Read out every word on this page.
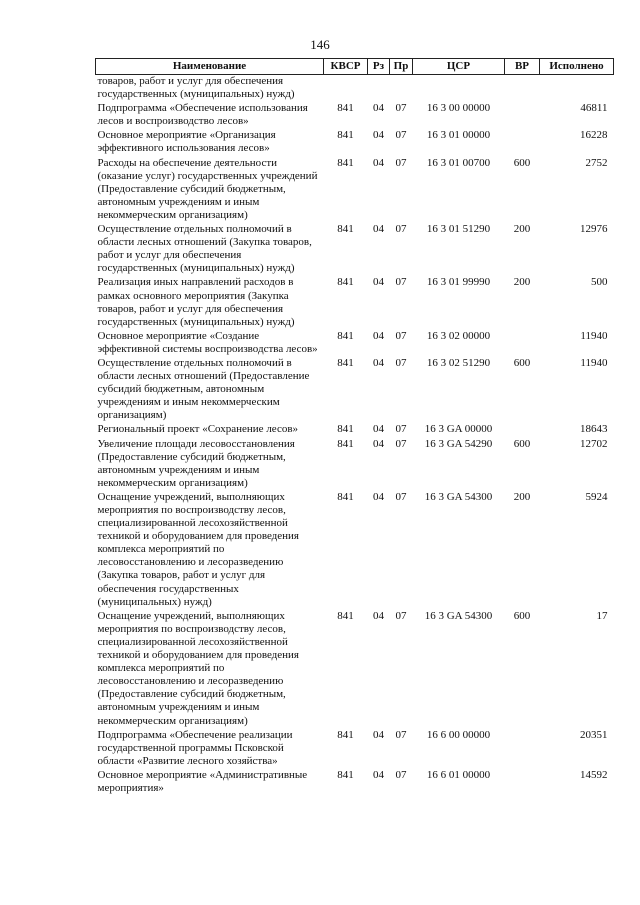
146
Наименование	КВСР	Рз	Пр	ЦСР	ВР	Исполнено
товаров, работ и услуг для обеспечения государственных (муниципальных) нужд)						
Подпрограмма «Обеспечение использования лесов и воспроизводство лесов»	841	04	07	16 3 00 00000		46811
Основное мероприятие «Организация эффективного использования лесов»	841	04	07	16 3 01 00000		16228
Расходы на обеспечение деятельности (оказание услуг) государственных учреждений (Предоставление субсидий бюджетным, автономным учреждениям и иным некоммерческим организациям)	841	04	07	16 3 01 00700	600	2752
Осуществление отдельных полномочий в области лесных отношений (Закупка товаров, работ и услуг для обеспечения государственных (муниципальных) нужд)	841	04	07	16 3 01 51290	200	12976
Реализация иных направлений расходов в рамках основного мероприятия (Закупка товаров, работ и услуг для обеспечения государственных (муниципальных) нужд)	841	04	07	16 3 01 99990	200	500
Основное мероприятие «Создание эффективной системы воспроизводства лесов»	841	04	07	16 3 02 00000		11940
Осуществление отдельных полномочий в области лесных отношений (Предоставление субсидий бюджетным, автономным учреждениям и иным некоммерческим организациям)	841	04	07	16 3 02 51290	600	11940
Региональный проект «Сохранение лесов»	841	04	07	16 3 GA 00000		18643
Увеличение площади лесовосстановления (Предоставление субсидий бюджетным, автономным учреждениям и иным некоммерческим организациям)	841	04	07	16 3 GA 54290	600	12702
Оснащение учреждений, выполняющих мероприятия по воспроизводству лесов, специализированной лесохозяйственной техникой и оборудованием для проведения комплекса мероприятий по лесовосстановлению и лесоразведению (Закупка товаров, работ и услуг для обеспечения государственных (муниципальных) нужд)	841	04	07	16 3 GA 54300	200	5924
Оснащение учреждений, выполняющих мероприятия по воспроизводству лесов, специализированной лесохозяйственной техникой и оборудованием для проведения комплекса мероприятий по лесовосстановлению и лесоразведению (Предоставление субсидий бюджетным, автономным учреждениям и иным некоммерческим организациям)	841	04	07	16 3 GA 54300	600	17
Подпрограмма «Обеспечение реализации государственной программы Псковской области «Развитие лесного хозяйства»	841	04	07	16 6 00 00000		20351
Основное мероприятие «Административные мероприятия»	841	04	07	16 6 01 00000		14592
